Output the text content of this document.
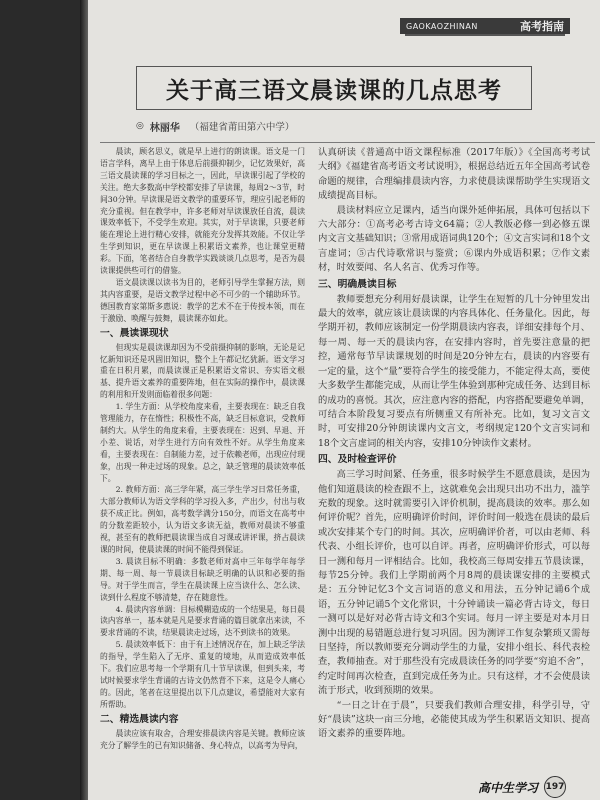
GAOKAOZHINAN	高考指南
关于高三语文晨读课的几点思考
◎ 林丽华 （福建省莆田第六中学）

晨读，顾名思义，就是早上进行的朗读课。语文是一门语言学科，离早上由于体息后前摄抑制少，记忆效果好，高三语文晨读课的学习目标之一，因此，早读课引起了学校的关注。绝大多数高中学校都安排了早读课，每周2～3节，时间30分钟。早读课是语文教学的重要环节，理应引起老师的充分重视。但在教学中，许多老师对早读课放任自流，晨读课效率低下，不受学生欢迎。其实，对于早读课，只要老师能在理论上进行精心安排，就能充分发挥其效能。不仅让学生学到知识，更在早读课上积累语文素养，也让课堂更精彩。下面，笔者结合自身教学实践谈谈几点思考，是否为晨读课提供些可行的借鉴。

语文晨读课以读书为目的，老师引导学生掌握方法，则其内容重要，是语文教学过程中必不可少的一个辅助环节。德国教育家第斯多惠说：教学的艺术不在于传授本领，而在于激励、唤醒与鼓舞，晨读课亦如此。

一、晨读课现状

但现实是晨读课却因为不受前摄抑制的影响，无论是记忆新知识还是巩固旧知识，整个上午都记忆犹新。语文学习重在日积月累，而晨读课正是积累语文常识、夯实语文根基、提升语文素养的重要阵地，但在实际的操作中，晨读课的利用和开发则面临着很多问题：

1. 学生方面：从学校角度来看，主要表现在：缺乏自我管理能力，存在惰性；积极性不高，缺乏目标意识，受教师制约大。从学生的角度来看，主要表现在：迟到、早退、开小差、说话，对学生进行方向有效性不好。从学生角度来看，主要表现在：自制能力差，过于依赖老师，出现应付现象，出现一种走过场的现象。总之，缺乏管理的晨读效率低下。

2. 教师方面：高三学年紧，高三学生学习日常任务重，大部分教师认为语文学科的学习投入多，产出少，付出与收获不成正比。例如，高考数学满分150分，而语文在高考中的分数差距较小，认为语文多读无益，教师对晨读不够重视，甚至有的教师把晨读课当成自习课或讲评课，挤占晨读课的时间，使晨读课的时间不能得到保证。

3. 晨读目标不明确：多数老师对高中三年每学年每学期、每一周、每一节晨读目标缺乏明确的认识和必要的指导。对于学生而言，学生在晨读课上应当读什么、怎么读、读到什么程度不够清楚，存在随意性。

4. 晨读内容单调：目标模糊造成的一个结果是，每日晨读内容单一，基本就是凡是要求背诵的篇目就拿出来读，不要求背诵的不读，结果晨读走过场，达不到读书的效果。

5. 晨读效率低下：由于有上述情况存在，加上缺乏学法的指导，学生陷入了无序、重复的境地，从而造成效率低下。我们应思考每一个学期有几十节早读课，但到头来，考试时候要求学生背诵的古诗文仍然背不下来，这是令人痛心的。因此，笔者在这里提出以下几点建议，希望能对大家有所帮助。

二、精选晨读内容

晨读应该有取舍，合理安排晨读内容是关键。教师应该充分了解学生的已有知识储备、身心特点，以高考为导向，

认真研读《普通高中语文课程标准（2017年版）》《全国高考考试大纲》《福建省高考语文考试说明》，根据总结近五年全国高考试卷命题的规律，合理编排晨读内容，力求使晨读课帮助学生实现语文成绩提高目标。

晨读材料应立足课内，适当向课外延伸拓展，具体可包括以下六大部分：①高考必考古诗文64篇；②人教版必修一到必修五课内文言文基础知识；③常用成语词典120个；④文言实词和18个文言虚词；⑤古代诗歌常识与鉴赏；⑥课内外成语积累；⑦作文素材，时效要闻、名人名言、优秀习作等。

三、明确晨读目标

教师要想充分利用好晨读课，让学生在短暂的几十分钟里发出最大的效率，就应该让晨读课的内容具体化、任务量化。因此，每学期开初，教师应该制定一份学期晨读内容表，详细安排每个月、每一周、每一天的晨读内容，在安排内容时，首先要注意量的把控，通常每节早读课规划的时间是20分钟左右，晨读的内容要有一定的量，这个“量”要符合学生的接受能力，不能定得太高，要使大多数学生都能完成，从而让学生体验到那种完成任务、达到目标的成功的喜悦。其次，应注意内容的搭配，内容搭配要避免单调，可结合本阶段复习要点有所侧重又有所补充。比如，复习文言文时，可安排20分钟朗读课内文言文，考纲规定120个文言实词和18个文言虚词的相关内容，安排10分钟读作文素材。

四、及时检查评价

高三学习时间紧、任务重，很多时候学生不愿意晨读，是因为他们知道晨读的检查跟不上，这就难免会出现只出功不出力，滥竽充数的现象。这时就需要引入评价机制，提高晨读的效率。那么如何评价呢？首先，应明确评价时间，评价时间一般选在晨读的最后或次安排某个专门的时间。其次，应明确评价者，可以由老师、科代表、小组长评价，也可以自评。再者，应明确评价形式，可以每日一测和每月一评相结合。比如，我校高三每周安排五节晨读课，每节25分钟。我们上学期前两个月8周的晨读课安排的主要模式是：五分钟记忆3个文言词语的意义和用法，五分钟记诵6个成语，五分钟记诵5个文化常识，十分钟诵读一篇必背古诗文，每日一测可以是好对必背古诗文和3个实词。每月一评主要是对本月日测中出现的易错题总进行复习巩固。因为测评工作复杂繁琐又需每日坚持，所以教师要充分调动学生的力量，安排小组长、科代表检查，教师抽查。对于那些没有完成晨读任务的同学要“穷追不舍”，约定时间再次检查，直到完成任务为止。只有这样，才不会使晨读流于形式，收到预期的效果。

“一日之计在于晨”，只要我们教师合理安排，科学引导，守好“晨读”这块一亩三分地，必能使其成为学生积累语文知识、提高语文素养的重要阵地。

高中生学习 197
